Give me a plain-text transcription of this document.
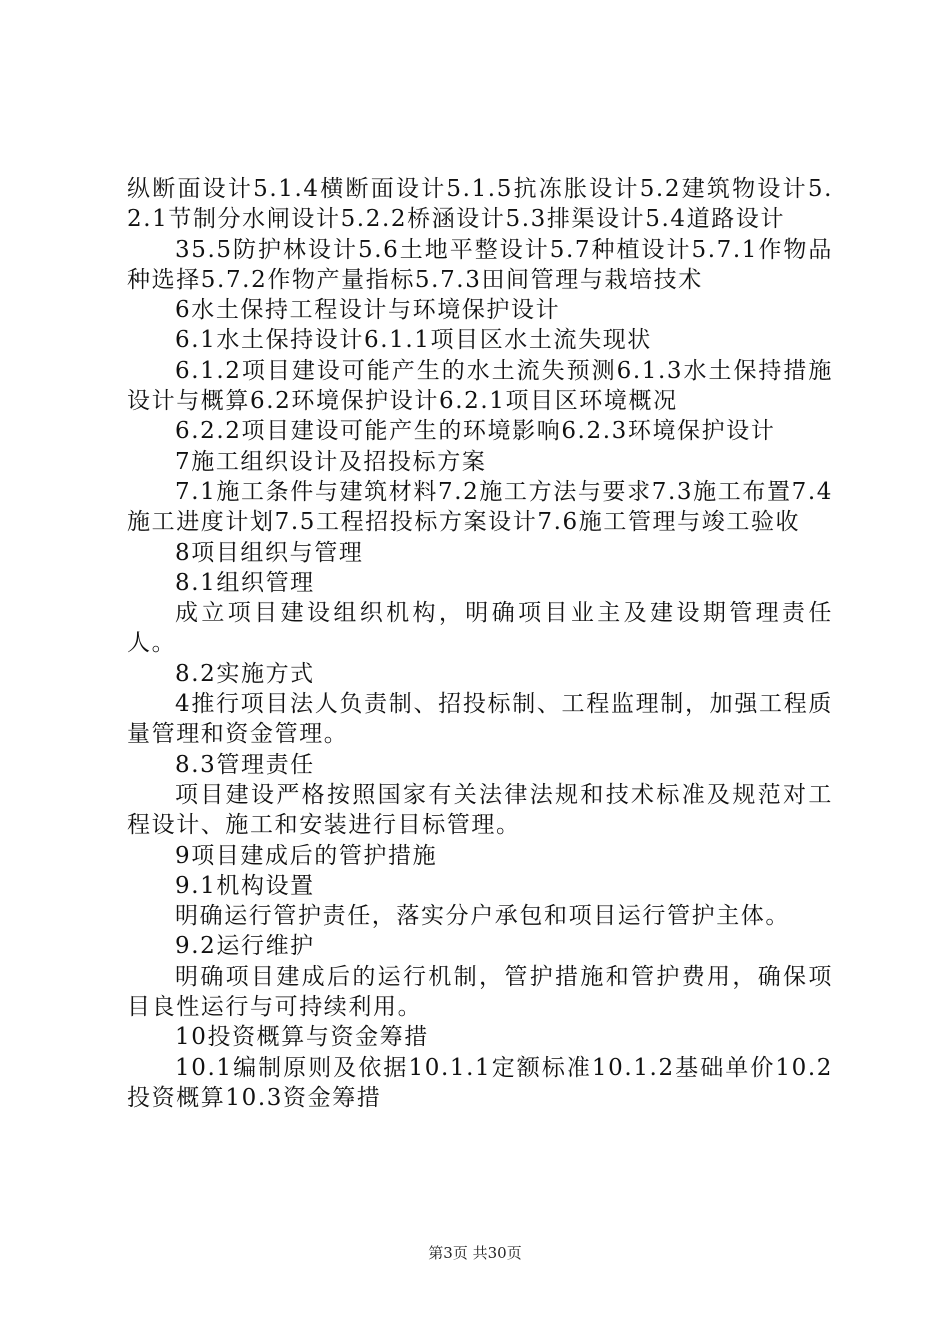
纵断面设计5.1.4横断面设计5.1.5抗冻胀设计5.2建筑物设计5.2.1节制分水闸设计5.2.2桥涵设计5.3排渠设计5.4道路设计

35.5防护林设计5.6土地平整设计5.7种植设计5.7.1作物品种选择5.7.2作物产量指标5.7.3田间管理与栽培技术

6水土保持工程设计与环境保护设计

6.1水土保持设计6.1.1项目区水土流失现状

6.1.2项目建设可能产生的水土流失预测6.1.3水土保持措施设计与概算6.2环境保护设计6.2.1项目区环境概况

6.2.2项目建设可能产生的环境影响6.2.3环境保护设计

7施工组织设计及招投标方案

7.1施工条件与建筑材料7.2施工方法与要求7.3施工布置7.4施工进度计划7.5工程招投标方案设计7.6施工管理与竣工验收

8项目组织与管理

8.1组织管理

成立项目建设组织机构，明确项目业主及建设期管理责任人。

8.2实施方式

4推行项目法人负责制、招投标制、工程监理制，加强工程质量管理和资金管理。

8.3管理责任

项目建设严格按照国家有关法律法规和技术标准及规范对工程设计、施工和安装进行目标管理。

9项目建成后的管护措施

9.1机构设置

明确运行管护责任，落实分户承包和项目运行管护主体。

9.2运行维护

明确项目建成后的运行机制，管护措施和管护费用，确保项目良性运行与可持续利用。

10投资概算与资金筹措

10.1编制原则及依据10.1.1定额标准10.1.2基础单价10.2投资概算10.3资金筹措

第3页 共30页
